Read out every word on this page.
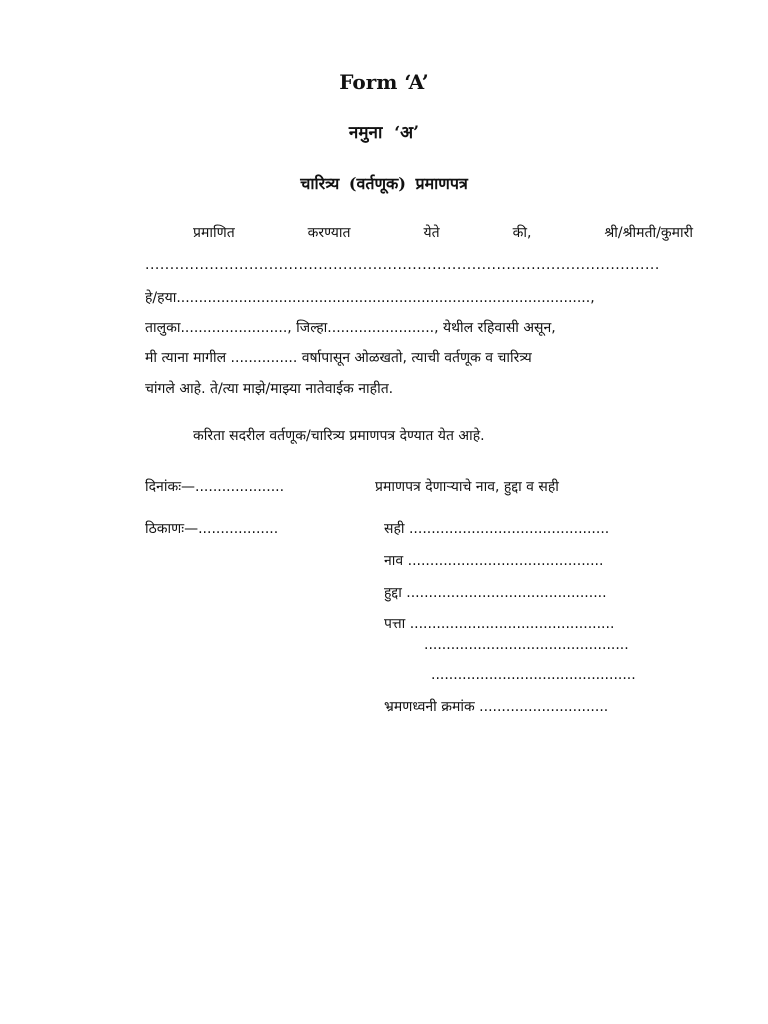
Form ‘A’
नमुना ‘अ’
चारित्र्य (वर्तणूक) प्रमाणपत्र
प्रमाणित	करण्यात	येते	की,	श्री/श्रीमती/कुमारी
........................................................................................................
हे/हया.............................................................................................,
तालुका........................, जिल्हा........................, येथील रहिवासी असून,
मी त्याना मागील ............... वर्षापासून ओळखतो, त्याची वर्तणूक व चारित्र्य
चांगले आहे. ते/त्या माझे/माझ्या नातेवाईक नाहीत.
करिता सदरील वर्तणूक/चारित्र्य प्रमाणपत्र देण्यात येत आहे.
दिनांकः—....................	प्रमाणपत्र देणाऱ्याचे नाव, हुद्दा व सही
ठिकाणः—..................	सही .............................................
नाव ............................................
हुद्दा .............................................
पत्ता ..............................................
..............................................
..............................................
भ्रमणध्वनी क्रमांक .............................
